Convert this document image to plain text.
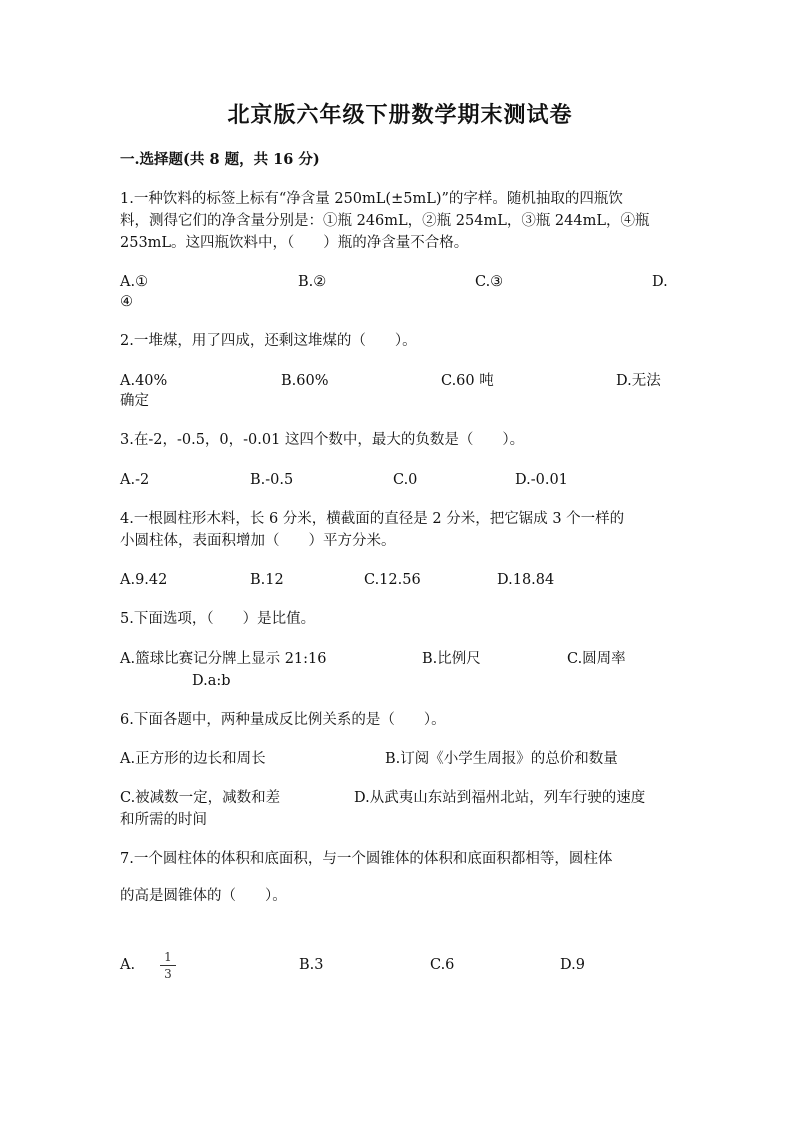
北京版六年级下册数学期末测试卷
一.选择题(共 8 题，共 16 分)
1.一种饮料的标签上标有“净含量 250mL(±5mL)”的字样。随机抽取的四瓶饮
料，测得它们的净含量分别是：①瓶 246mL，②瓶 254mL，③瓶 244mL，④瓶
253mL。这四瓶饮料中，（　　）瓶的净含量不合格。
A.①	B.②	C.③	D.
④
2.一堆煤，用了四成，还剩这堆煤的（　　）。
A.40%	B.60%	C.60 吨	D.无法
确定
3.在-2，-0.5，0，-0.01 这四个数中，最大的负数是（　　）。
A.-2	B.-0.5	C.0	D.-0.01
4.一根圆柱形木料，长 6 分米，横截面的直径是 2 分米，把它锯成 3 个一样的
小圆柱体，表面积增加（　　）平方分米。
A.9.42	B.12	C.12.56	D.18.84
5.下面选项，（　　）是比值。
A.篮球比赛记分牌上显示 21:16	B.比例尺	C.圆周率
D.a:b
6.下面各题中，两种量成反比例关系的是（　　）。
A.正方形的边长和周长	B.订阅《小学生周报》的总价和数量
C.被减数一定，减数和差	D.从武夷山东站到福州北站，列车行驶的速度
和所需的时间
7.一个圆柱体的体积和底面积，与一个圆锥体的体积和底面积都相等，圆柱体
的高是圆锥体的（　　）。
A. $\frac{1}{3}$	B.3	C.6	D.9
